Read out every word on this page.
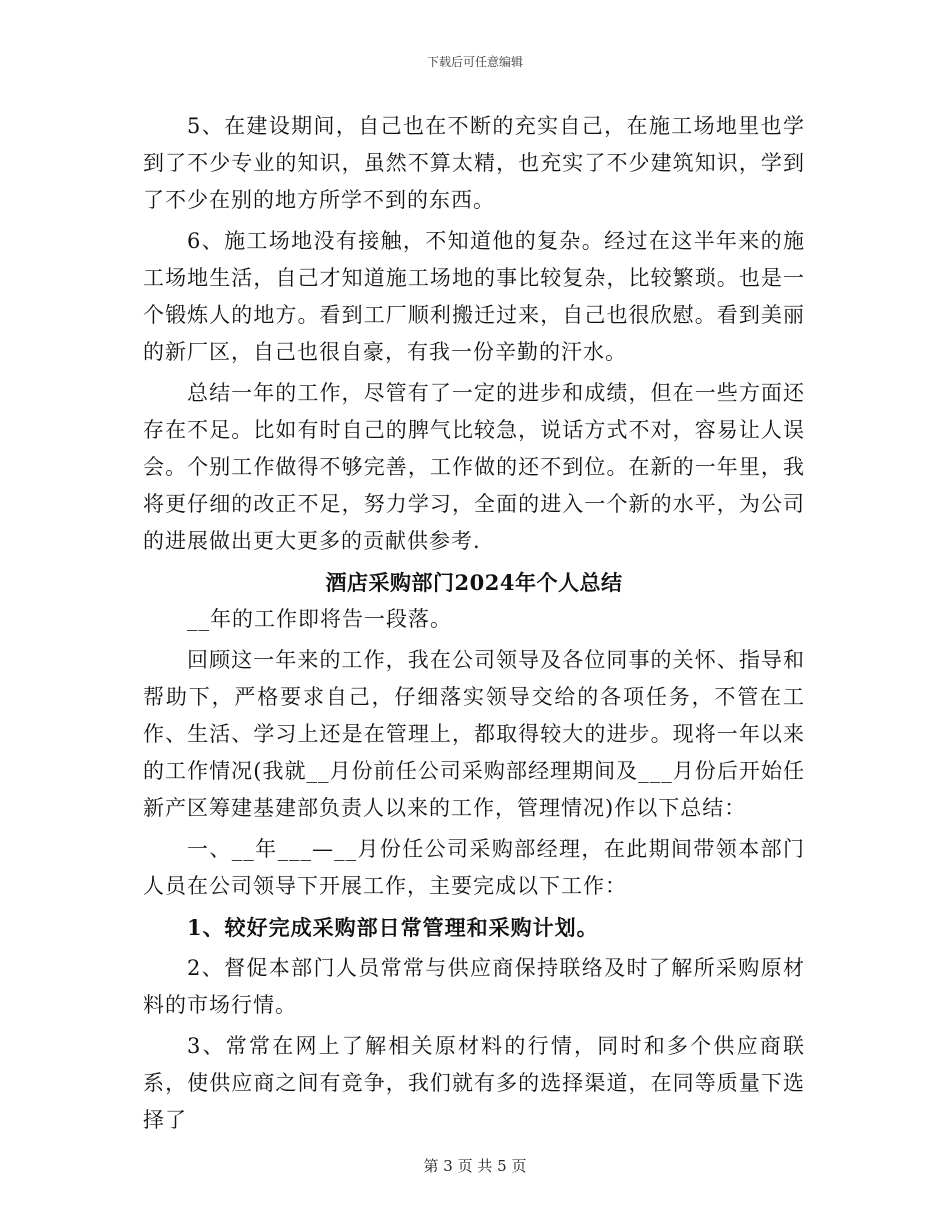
下载后可任意编辑

5、在建设期间，自己也在不断的充实自己，在施工场地里也学到了不少专业的知识，虽然不算太精，也充实了不少建筑知识，学到了不少在别的地方所学不到的东西。

6、施工场地没有接触，不知道他的复杂。经过在这半年来的施工场地生活，自己才知道施工场地的事比较复杂，比较繁琐。也是一个锻炼人的地方。看到工厂顺利搬迁过来，自己也很欣慰。看到美丽的新厂区，自己也很自豪，有我一份辛勤的汗水。

总结一年的工作，尽管有了一定的进步和成绩，但在一些方面还存在不足。比如有时自己的脾气比较急，说话方式不对，容易让人误会。个别工作做得不够完善，工作做的还不到位。在新的一年里，我将更仔细的改正不足，努力学习，全面的进入一个新的水平，为公司的进展做出更大更多的贡献供参考.

酒店采购部门2024年个人总结

__年的工作即将告一段落。

回顾这一年来的工作，我在公司领导及各位同事的关怀、指导和帮助下，严格要求自己，仔细落实领导交给的各项任务，不管在工作、生活、学习上还是在管理上，都取得较大的进步。现将一年以来的工作情况(我就__月份前任公司采购部经理期间及___月份后开始任新产区筹建基建部负责人以来的工作，管理情况)作以下总结：

一、__年___—__月份任公司采购部经理，在此期间带领本部门人员在公司领导下开展工作，主要完成以下工作：

1、较好完成采购部日常管理和采购计划。

2、督促本部门人员常常与供应商保持联络及时了解所采购原材料的市场行情。

3、常常在网上了解相关原材料的行情，同时和多个供应商联系，使供应商之间有竞争，我们就有多的选择渠道，在同等质量下选择了

第 3 页 共 5 页
